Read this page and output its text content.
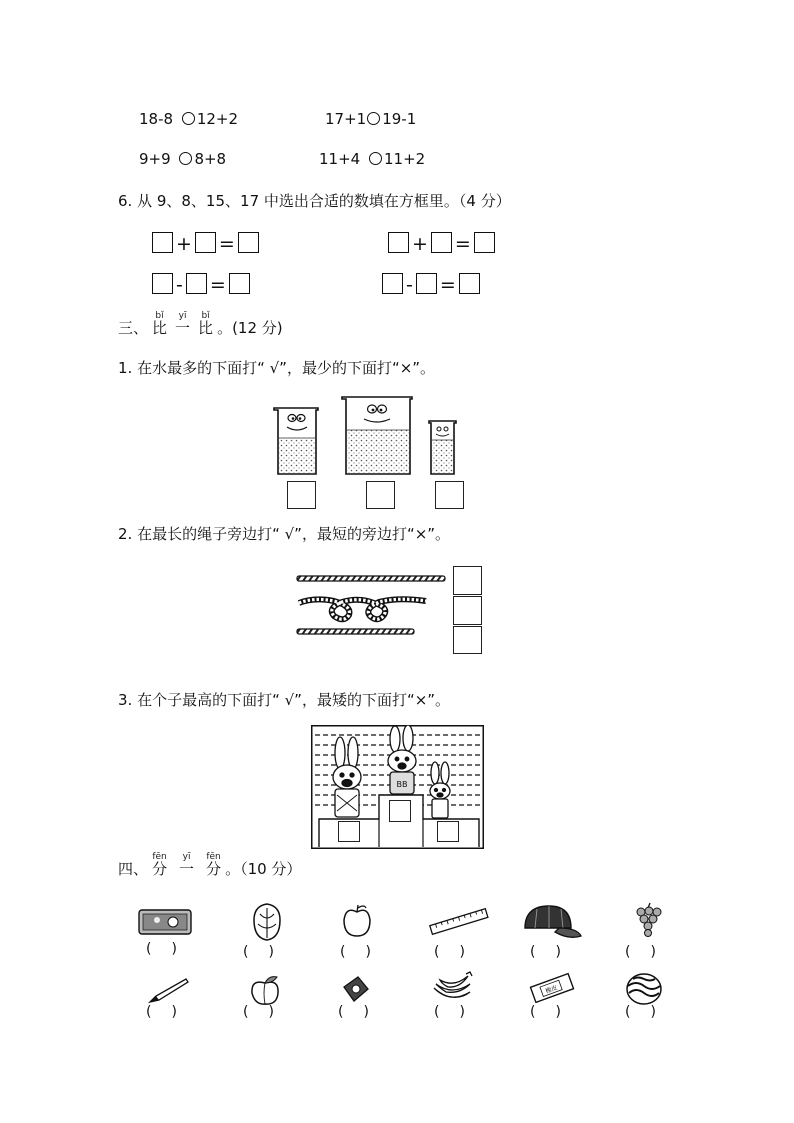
18-8 12+2	17+1 19-1
9+9 8+8	11+4 11+2
6. 从 9、8、15、17 中选出合适的数填在方框里。（4 分）
+ =	+ =
- =	- =
三、
bǐ
比
yī
一
bǐ
比 。(12 分)
1. 在水最多的下面打“ √”，最少的下面打“×”。
2. 在最长的绳子旁边打“ √”，最短的旁边打“×”。
3. 在个子最高的下面打“ √”，最矮的下面打“×”。
BB
四、
fēn
分
yī
一
fēn
分 。（10 分）
()	()	()	()	()	()
橡皮
()	()	()	()	()	()
